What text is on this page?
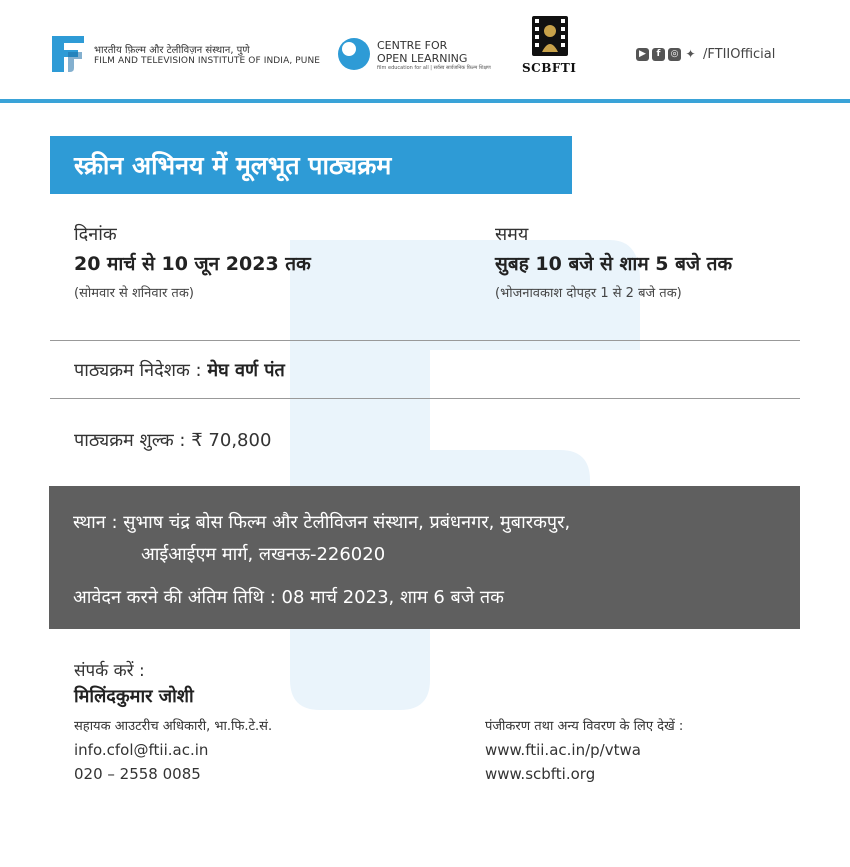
भारतीय फ़िल्म और टेलीविज़न संस्थान, पुणे
FILM AND TELEVISION INSTITUTE OF INDIA, PUNE
CENTRE FOR
OPEN LEARNING
film education for all | सर्वस्व सार्वजनिक फ़िल्म शिक्षण	SCBFTI
▶	f	◎ ✦ /FTIIOfficial
स्क्रीन अभिनय में मूलभूत पाठ्यक्रम
दिनांक
20 मार्च से 10 जून 2023 तक
(सोमवार से शनिवार तक)
समय
सुबह 10 बजे से शाम 5 बजे तक
(भोजनावकाश दोपहर 1 से 2 बजे तक)
पाठ्यक्रम निदेशक : मेघ वर्ण पंत
पाठ्यक्रम शुल्क : ₹ 70,800
स्थान : सुभाष चंद्र बोस फिल्म और टेलीविजन संस्थान, प्रबंधनगर, मुबारकपुर,
आईआईएम मार्ग, लखनऊ-226020
आवेदन करने की अंतिम तिथि : 08 मार्च 2023, शाम 6 बजे तक
संपर्क करें :
मिलिंदकुमार जोशी
सहायक आउटरीच अधिकारी, भा.फि.टे.सं.
info.cfol@ftii.ac.in
020 – 2558 0085
पंजीकरण तथा अन्य विवरण के लिए देखें :
www.ftii.ac.in/p/vtwa
www.scbfti.org
